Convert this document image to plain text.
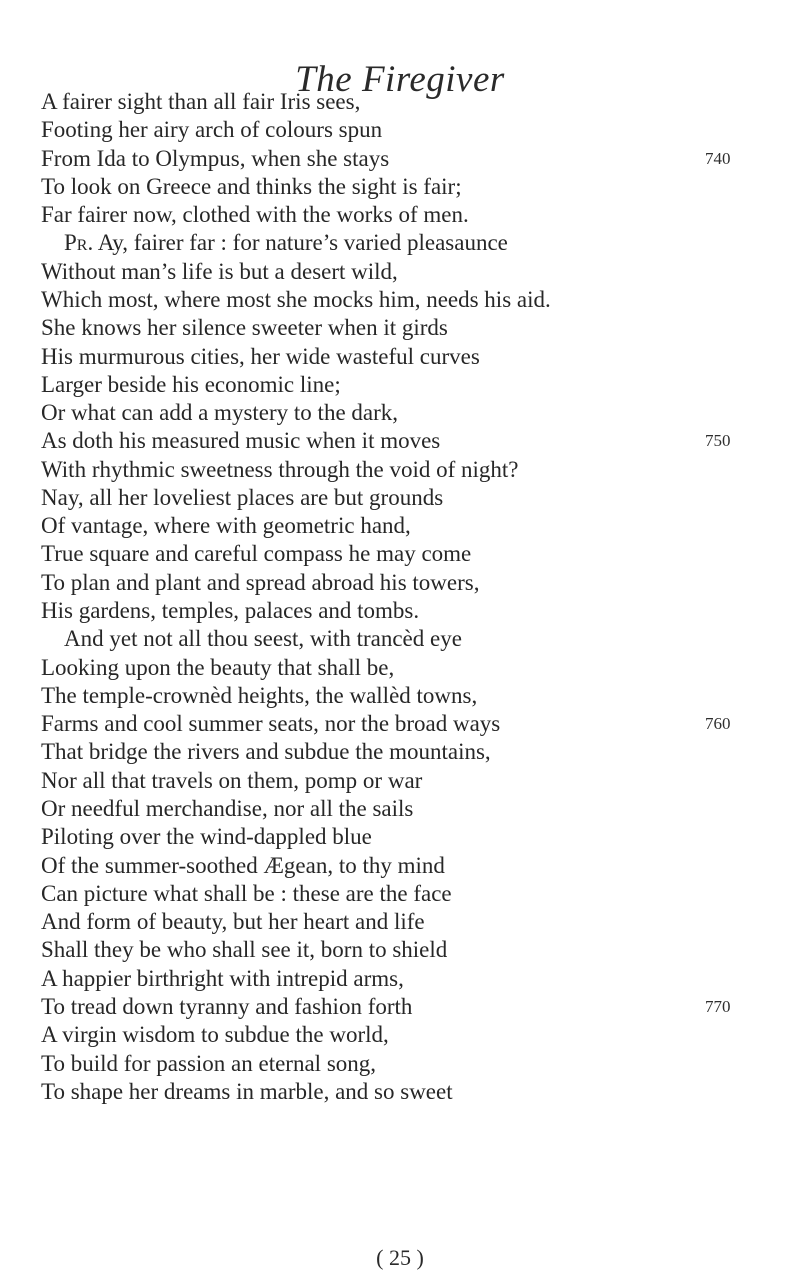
The Firegiver
A fairer sight than all fair Iris sees,
Footing her airy arch of colours spun
From Ida to Olympus, when she stays	740
To look on Greece and thinks the sight is fair;
Far fairer now, clothed with the works of men.
Pr. Ay, fairer far : for nature’s varied pleasaunce
Without man’s life is but a desert wild,
Which most, where most she mocks him, needs his aid.
She knows her silence sweeter when it girds
His murmurous cities, her wide wasteful curves
Larger beside his economic line;
Or what can add a mystery to the dark,
As doth his measured music when it moves	750
With rhythmic sweetness through the void of night?
Nay, all her loveliest places are but grounds
Of vantage, where with geometric hand,
True square and careful compass he may come
To plan and plant and spread abroad his towers,
His gardens, temples, palaces and tombs.
And yet not all thou seest, with trancèd eye
Looking upon the beauty that shall be,
The temple-crownèd heights, the wallèd towns,
Farms and cool summer seats, nor the broad ways	760
That bridge the rivers and subdue the mountains,
Nor all that travels on them, pomp or war
Or needful merchandise, nor all the sails
Piloting over the wind-dappled blue
Of the summer-soothed Ægean, to thy mind
Can picture what shall be : these are the face
And form of beauty, but her heart and life
Shall they be who shall see it, born to shield
A happier birthright with intrepid arms,
To tread down tyranny and fashion forth	770
A virgin wisdom to subdue the world,
To build for passion an eternal song,
To shape her dreams in marble, and so sweet
( 25 )
